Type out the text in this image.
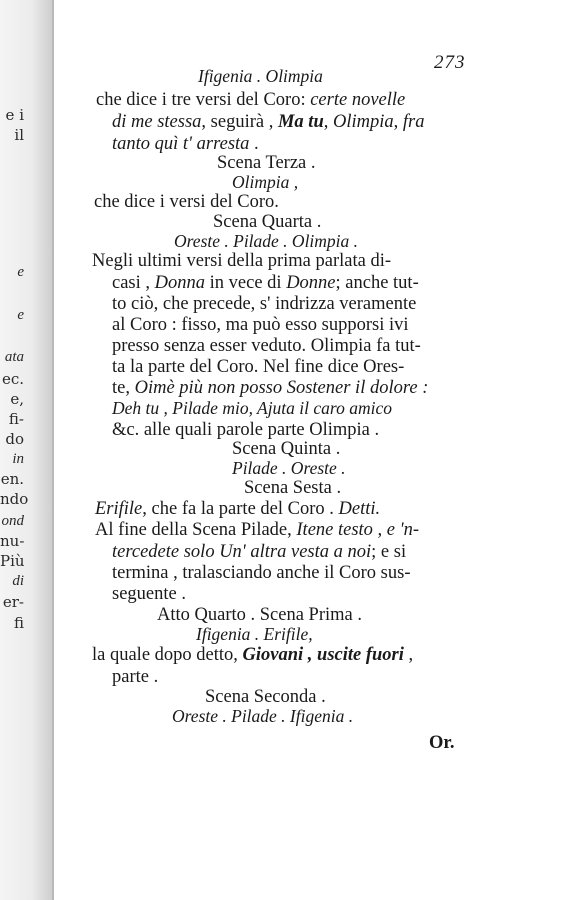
e i
il
e
e
ata
ec.
e,
fi-
do
in
en.
ndo
ond
nu-
Più
di
er-
fi
273
Ifigenia . Olimpia
che dice i tre versi del Coro: certe novelle
di me stessa, seguirà , Ma tu, Olimpia, fra
tanto quì t' arresta .
Scena Terza .
Olimpia ,
che dice i versi del Coro.
Scena Quarta .
Oreste . Pilade . Olimpia .
Negli ultimi versi della prima parlata di-
casi , Donna in vece di Donne; anche tut-
to ciò, che precede, s' indrizza veramente
al Coro : fisso, ma può esso supporsi ivi
presso senza esser veduto. Olimpia fa tut-
ta la parte del Coro. Nel fine dice Ores-
te, Oimè più non posso Sostener il dolore :
Deh tu , Pilade mio, Ajuta il caro amico
&c. alle quali parole parte Olimpia .
Scena Quinta .
Pilade . Oreste .
Scena Sesta .
Erifile, che fa la parte del Coro . Detti.
Al fine della Scena Pilade, Itene testo , e 'n-
tercedete solo Un' altra vesta a noi; e si
termina , tralasciando anche il Coro sus-
seguente .
Atto Quarto . Scena Prima .
Ifigenia . Erifile,
la quale dopo detto, Giovani , uscite fuori ,
parte .
Scena Seconda .
Oreste . Pilade . Ifigenia .
Or.
